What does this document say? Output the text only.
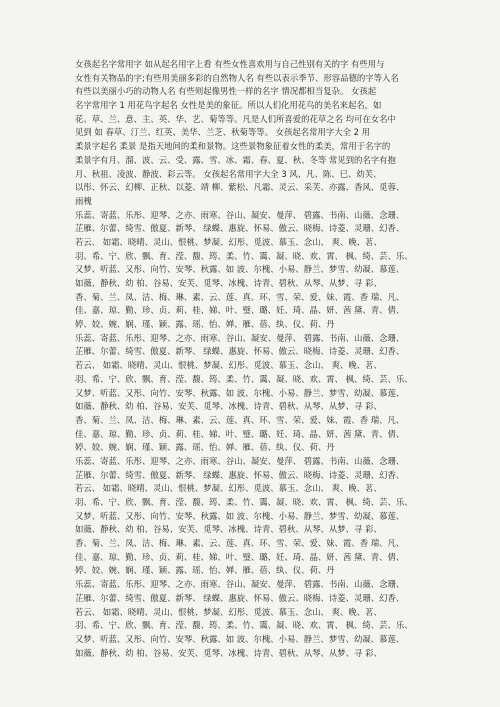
女孩起名字常用字 如从起名用字上看 有些女性喜欢用与自己性别有关的字 有些用与
女性有关物品的字;有些用美丽多彩的自然物人名 有些以表示季节、形容品德的字等入名
有些以美丽小巧的动物人名 有些则起像男性一样的名字 情况都相当复杂。 女孩起
名字常用字 1 用花鸟字起名 女性是美的象征。所以人们化用花鸟的美名来起名，如
花、草、兰、意、主、英、华、艺、菊等等。凡是人们所喜爱的花草之名 均可在女名中
见到 如 春草、汀兰、红英、美华、兰芝、秋菊等等。 女孩起名常用字大全 2 用
柔景字起名 柔景 是指天地间的柔和景物。这些景物象征着女性的柔美，常用于名字的
柔景字有月、溜、波、云、受、露、雪、冰、霜、春、夏、秋、冬等 常见到的名字有抱
月、秋祖、凌波、静波、彩云等。 女孩起名常用字大全 3 风、凡、陈、巳、幼芙、
以彤、怀云、幻柳、正秋、以菱、靖 柳、紫松、凡霜、灵云、采芙、亦露、香风、觅蓉、
雨槐
乐蕊、寄蓝、乐彤、迎琴、之亦、雨寒、谷山、凝安、曼萍、 碧露、书南、山薇、念珊、
芷雁、尔蕾、绮雪、傲夏、新琴、 绿蝶、惠旋、怀易、傲云、晓梅、诗菱、灵珊、幻香、
若云、 如霜、晓晴、灵山、恨桃、梦凝、幻彤、觅波、慕玉、念山、 爽、晚、茗、
羽、希、宁、欣、飘、育、滢、馥、筠、柔、竹、霭、凝、晓、欢、霄、 枫、绮、芸、乐、
又梦、听蓝、又彤、向竹、安琴、秋露、如 波、尔槐、小易、静兰、梦雪、幼凝、慕莲、
如薇、静秋、幼 柏、谷易、安芙、觅琴、冰槐、诗青、碧秋、从琴、从梦、寻 彩、
香、菊、兰、凤、洁、梅、琳、素、云、莲、真、环、雪、荣、爱、妹、霞、香 瑞、凡、
佳、嘉、琼、勤、珍、贞、莉、桂、娣、叶、璧、璐、妊、琦、晶、妍、茜 黛、青、倩、
婷、姣、婉、娴、瑾、颖、露、瑶、怡、婵、雁、蓓、纨、仪、荷、丹
乐蕊、寄蓝、乐彤、迎琴、之亦、雨寒、谷山、凝安、曼萍、 碧露、书南、山薇、念珊、
芷雁、尔蕾、绮雪、傲夏、新琴、 绿蝶、惠旋、怀易、傲云、晓梅、诗菱、灵珊、幻香、
若云、 如霜、晓晴、灵山、恨桃、梦凝、幻彤、觅波、慕玉、念山、 爽、晚、茗、
羽、希、宁、欣、飘、育、滢、馥、筠、柔、竹、霭、凝、晓、欢、霄、 枫、绮、芸、乐、
又梦、听蓝、又彤、向竹、安琴、秋露、如 波、尔槐、小易、静兰、梦雪、幼凝、慕莲、
如薇、静秋、幼 柏、谷易、安芙、觅琴、冰槐、诗青、碧秋、从琴、从梦、寻 彩、
香、菊、兰、凤、洁、梅、琳、素、云、莲、真、环、雪、荣、爱、妹、霞、香 瑞、凡、
佳、嘉、琼、勤、珍、贞、莉、桂、娣、叶、璧、璐、妊、琦、晶、妍、茜 黛、青、倩、
婷、姣、婉、娴、瑾、颖、露、瑶、怡、婵、雁、蓓、纨、仪、荷、丹
乐蕊、寄蓝、乐彤、迎琴、之亦、雨寒、谷山、凝安、曼萍、 碧露、书南、山薇、念珊、
芷雁、尔蕾、绮雪、傲夏、新琴、 绿蝶、惠旋、怀易、傲云、晓梅、诗菱、灵珊、幻香、
若云、 如霜、晓晴、灵山、恨桃、梦凝、幻彤、觅波、慕玉、念山、 爽、晚、茗、
羽、希、宁、欣、飘、育、滢、馥、筠、柔、竹、霭、凝、晓、欢、霄、 枫、绮、芸、乐、
又梦、听蓝、又彤、向竹、安琴、秋露、如 波、尔槐、小易、静兰、梦雪、幼凝、慕莲、
如薇、静秋、幼 柏、谷易、安芙、觅琴、冰槐、诗青、碧秋、从琴、从梦、寻 彩、
香、菊、兰、凤、洁、梅、琳、素、云、莲、真、环、雪、荣、爱、妹、霞、香 瑞、凡、
佳、嘉、琼、勤、珍、贞、莉、桂、娣、叶、璧、璐、妊、琦、晶、妍、茜 黛、青、倩、
婷、姣、婉、娴、瑾、颖、露、瑶、怡、婵、雁、蓓、纨、仪、荷、丹
乐蕊、寄蓝、乐彤、迎琴、之亦、雨寒、谷山、凝安、曼萍、 碧露、书南、山薇、念珊、
芷雁、尔蕾、绮雪、傲夏、新琴、 绿蝶、惠旋、怀易、傲云、晓梅、诗菱、灵珊、幻香、
若云、 如霜、晓晴、灵山、恨桃、梦凝、幻彤、觅波、慕玉、念山、 爽、晚、茗、
羽、希、宁、欣、飘、育、滢、馥、筠、柔、竹、霭、凝、晓、欢、霄、 枫、绮、芸、乐、
又梦、听蓝、又彤、向竹、安琴、秋露、如 波、尔槐、小易、静兰、梦雪、幼凝、慕莲、
如薇、静秋、幼 柏、谷易、安芙、觅琴、冰槐、诗青、碧秋、从琴、从梦、寻 彩、
